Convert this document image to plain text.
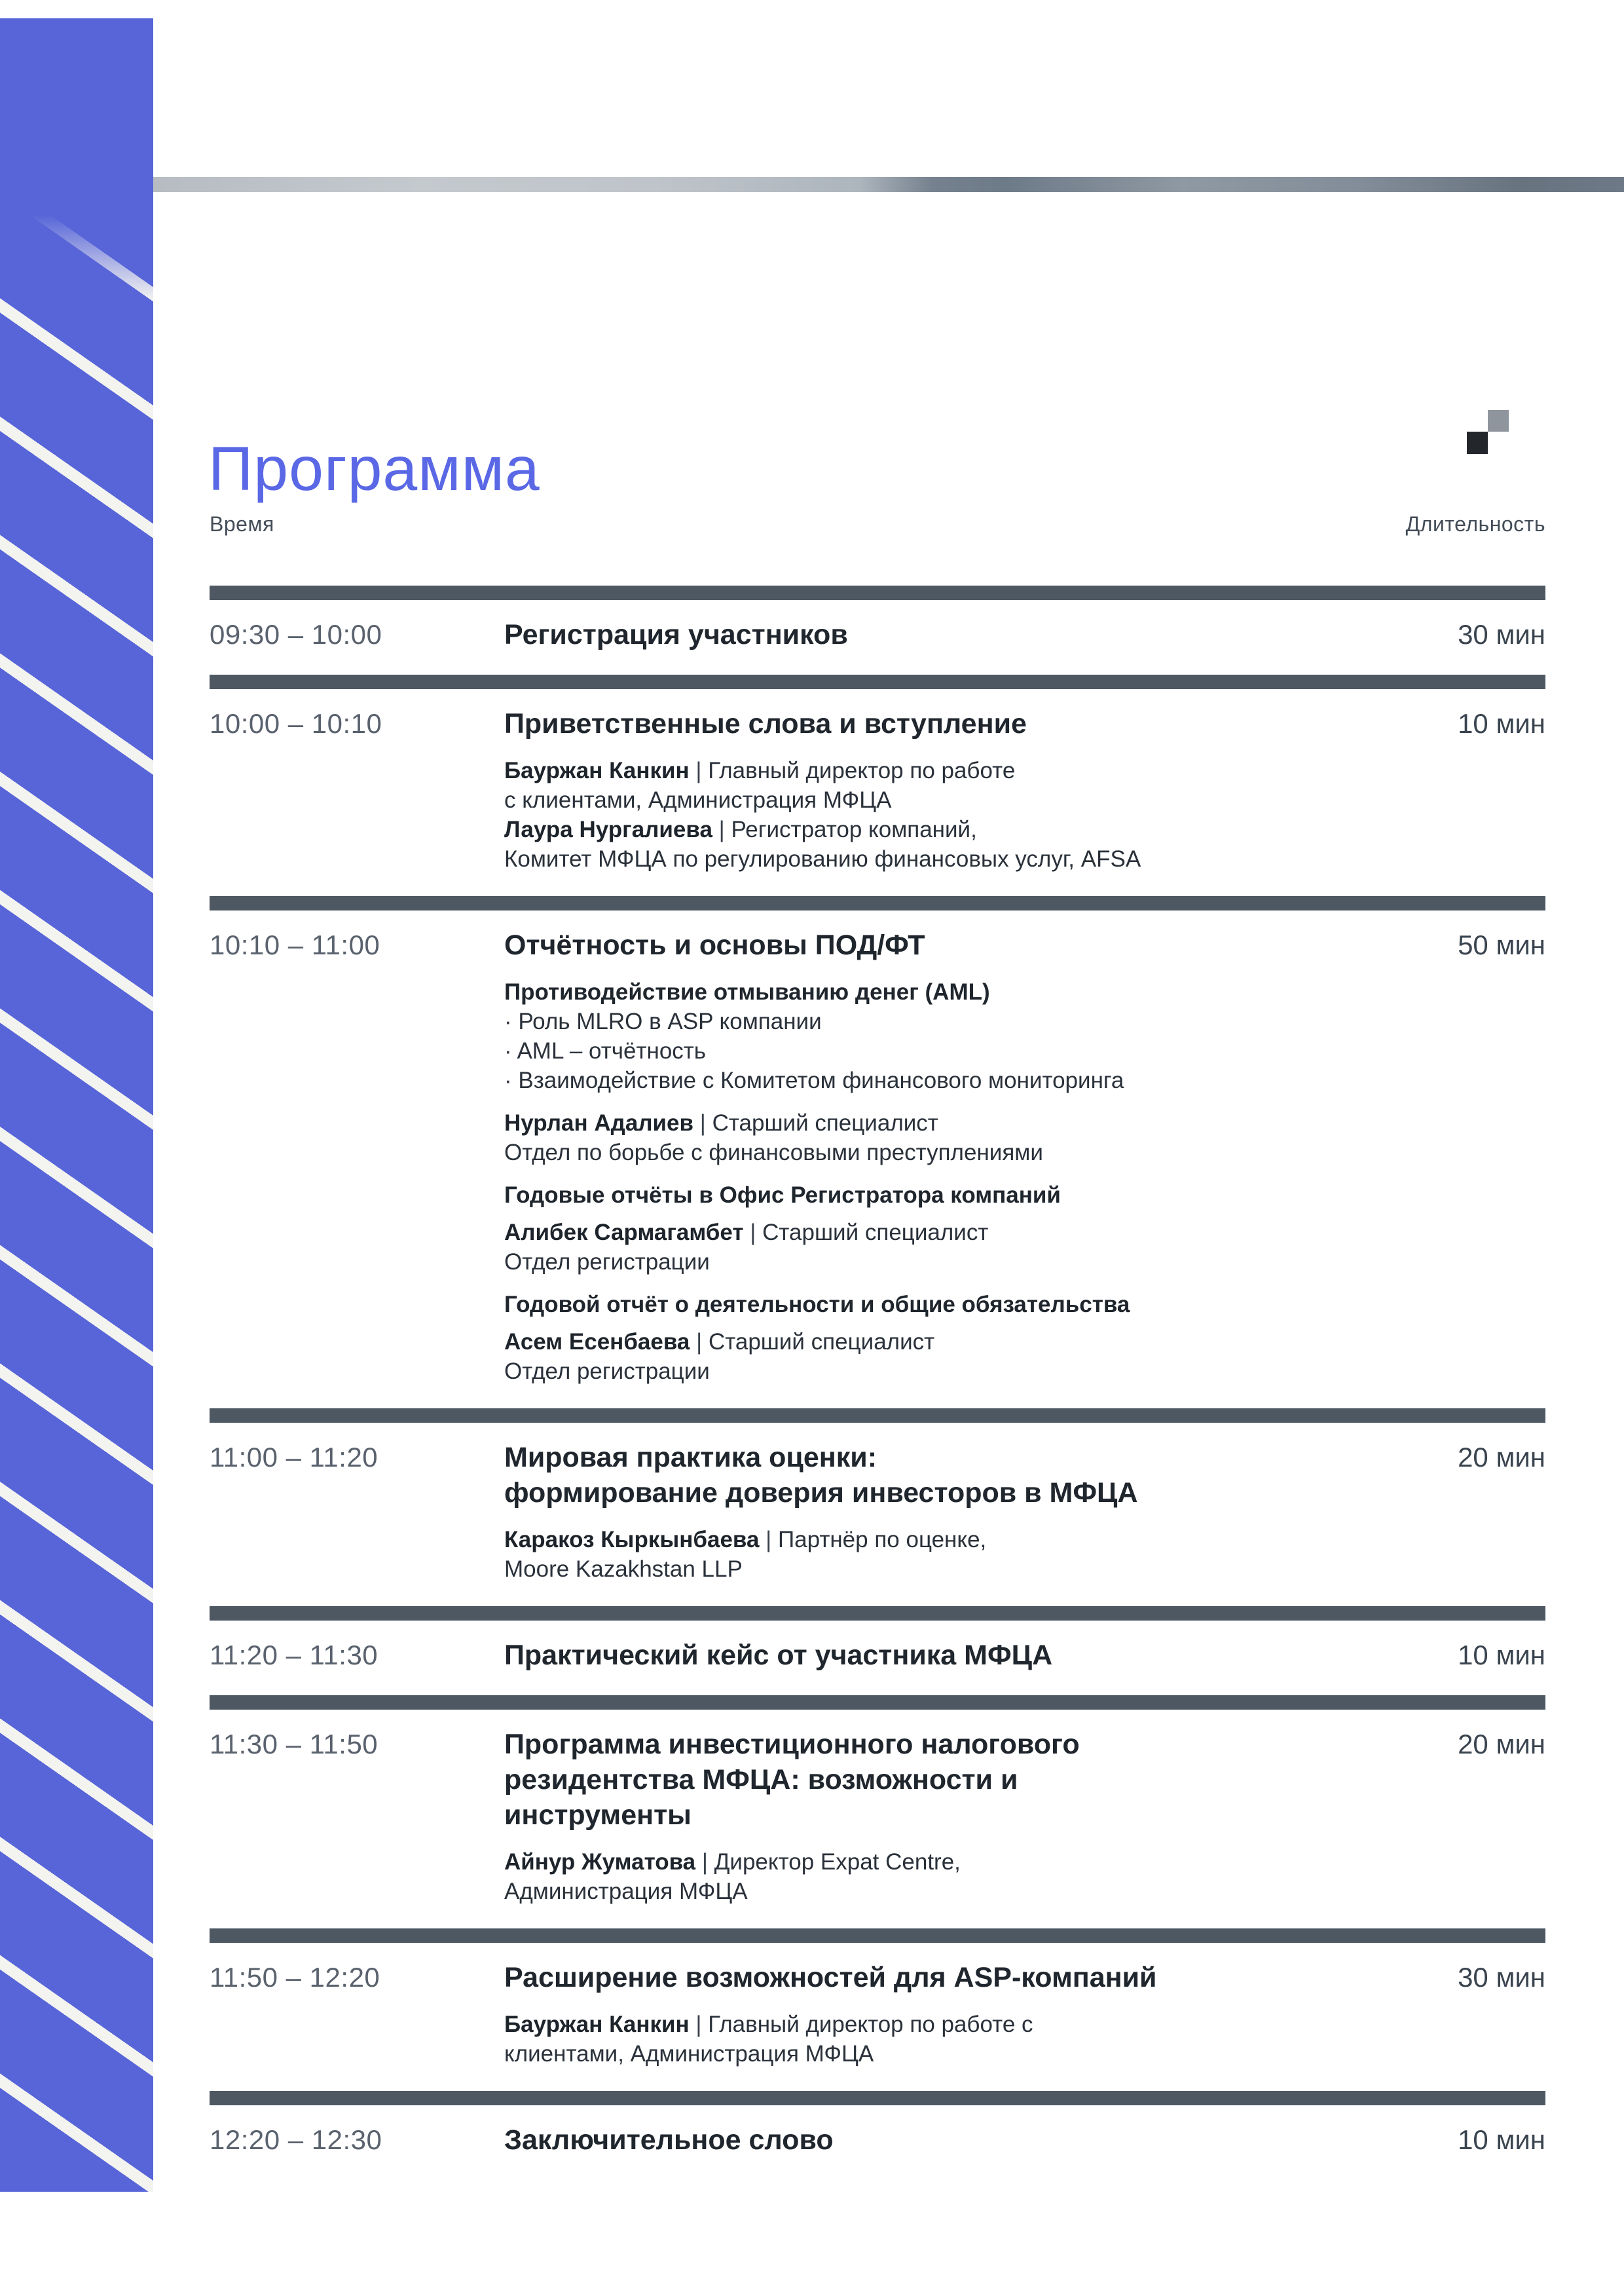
Программа
Время	Длительность
09:30 – 10:00	Регистрация участников	30 мин
10:00 – 10:10	Приветственные слова и вступление	10 мин
Бауржан Канкин | Главный директор по работе
с клиентами, Администрация МФЦА
Лаура Нургалиева | Регистратор компаний,
Комитет МФЦА по регулированию финансовых услуг, AFSA
10:10 – 11:00	Отчётность и основы ПОД/ФТ	50 мин
Противодействие отмыванию денег (AML)
· Роль MLRO в ASP компании
· AML – отчётность
· Взаимодействие с Комитетом финансового мониторинга
Нурлан Адалиев | Старший специалист
Отдел по борьбе с финансовыми преступлениями
Годовые отчёты в Офис Регистратора компаний
Алибек Сармагамбет | Старший специалист
Отдел регистрации
Годовой отчёт о деятельности и общие обязательства
Асем Есенбаева | Старший специалист
Отдел регистрации
11:00 – 11:20	Мировая практика оценки:
формирование доверия инвесторов в МФЦА
20 мин
Каракоз Кыркынбаева | Партнёр по оценке,
Moore Kazakhstan LLP
11:20 – 11:30	Практический кейс от участника МФЦА	10 мин
11:30 – 11:50	Программа инвестиционного налогового
резидентства МФЦА: возможности и
инструменты
20 мин
Айнур Жуматова | Директор Expat Centre,
Администрация МФЦА
11:50 – 12:20	Расширение возможностей для ASP-компаний	30 мин
Бауржан Канкин | Главный директор по работе с
клиентами, Администрация МФЦА
12:20 – 12:30	Заключительное слово	10 мин
